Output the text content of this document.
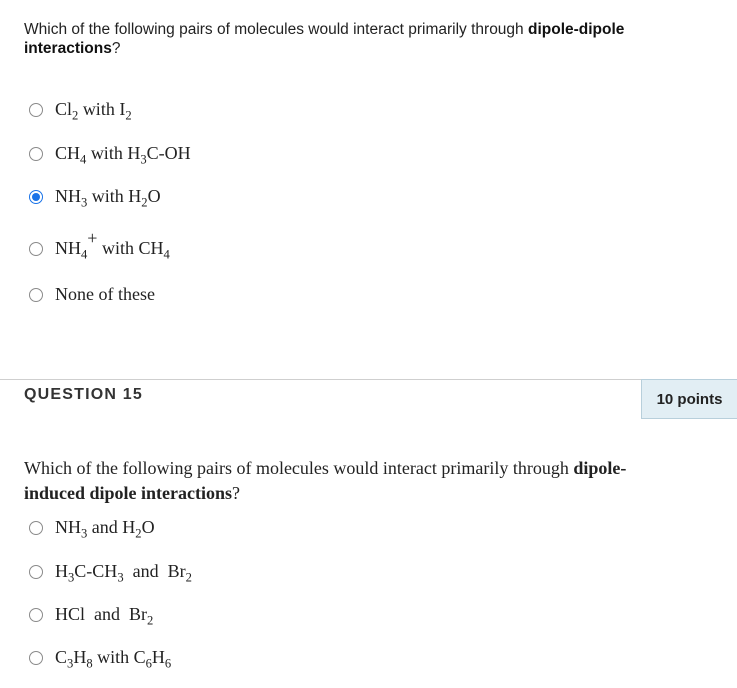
Which of the following pairs of molecules would interact primarily through dipole-dipole interactions?
$Cl_2$ with $I_2$
$CH_4$ with $H_3C-OH$
$NH_3$ with $H_2O$
$NH_4^+$ with $CH_4$
None of these
QUESTION 15	10 points
Which of the following pairs of molecules would interact primarily through dipole-induced dipole interactions?
$NH_3$ and $H_2O$
$H_3C-CH_3$  and  $Br_2$
HCl  and  $Br_2$
$C_3H_8$ with $C_6H_6$
